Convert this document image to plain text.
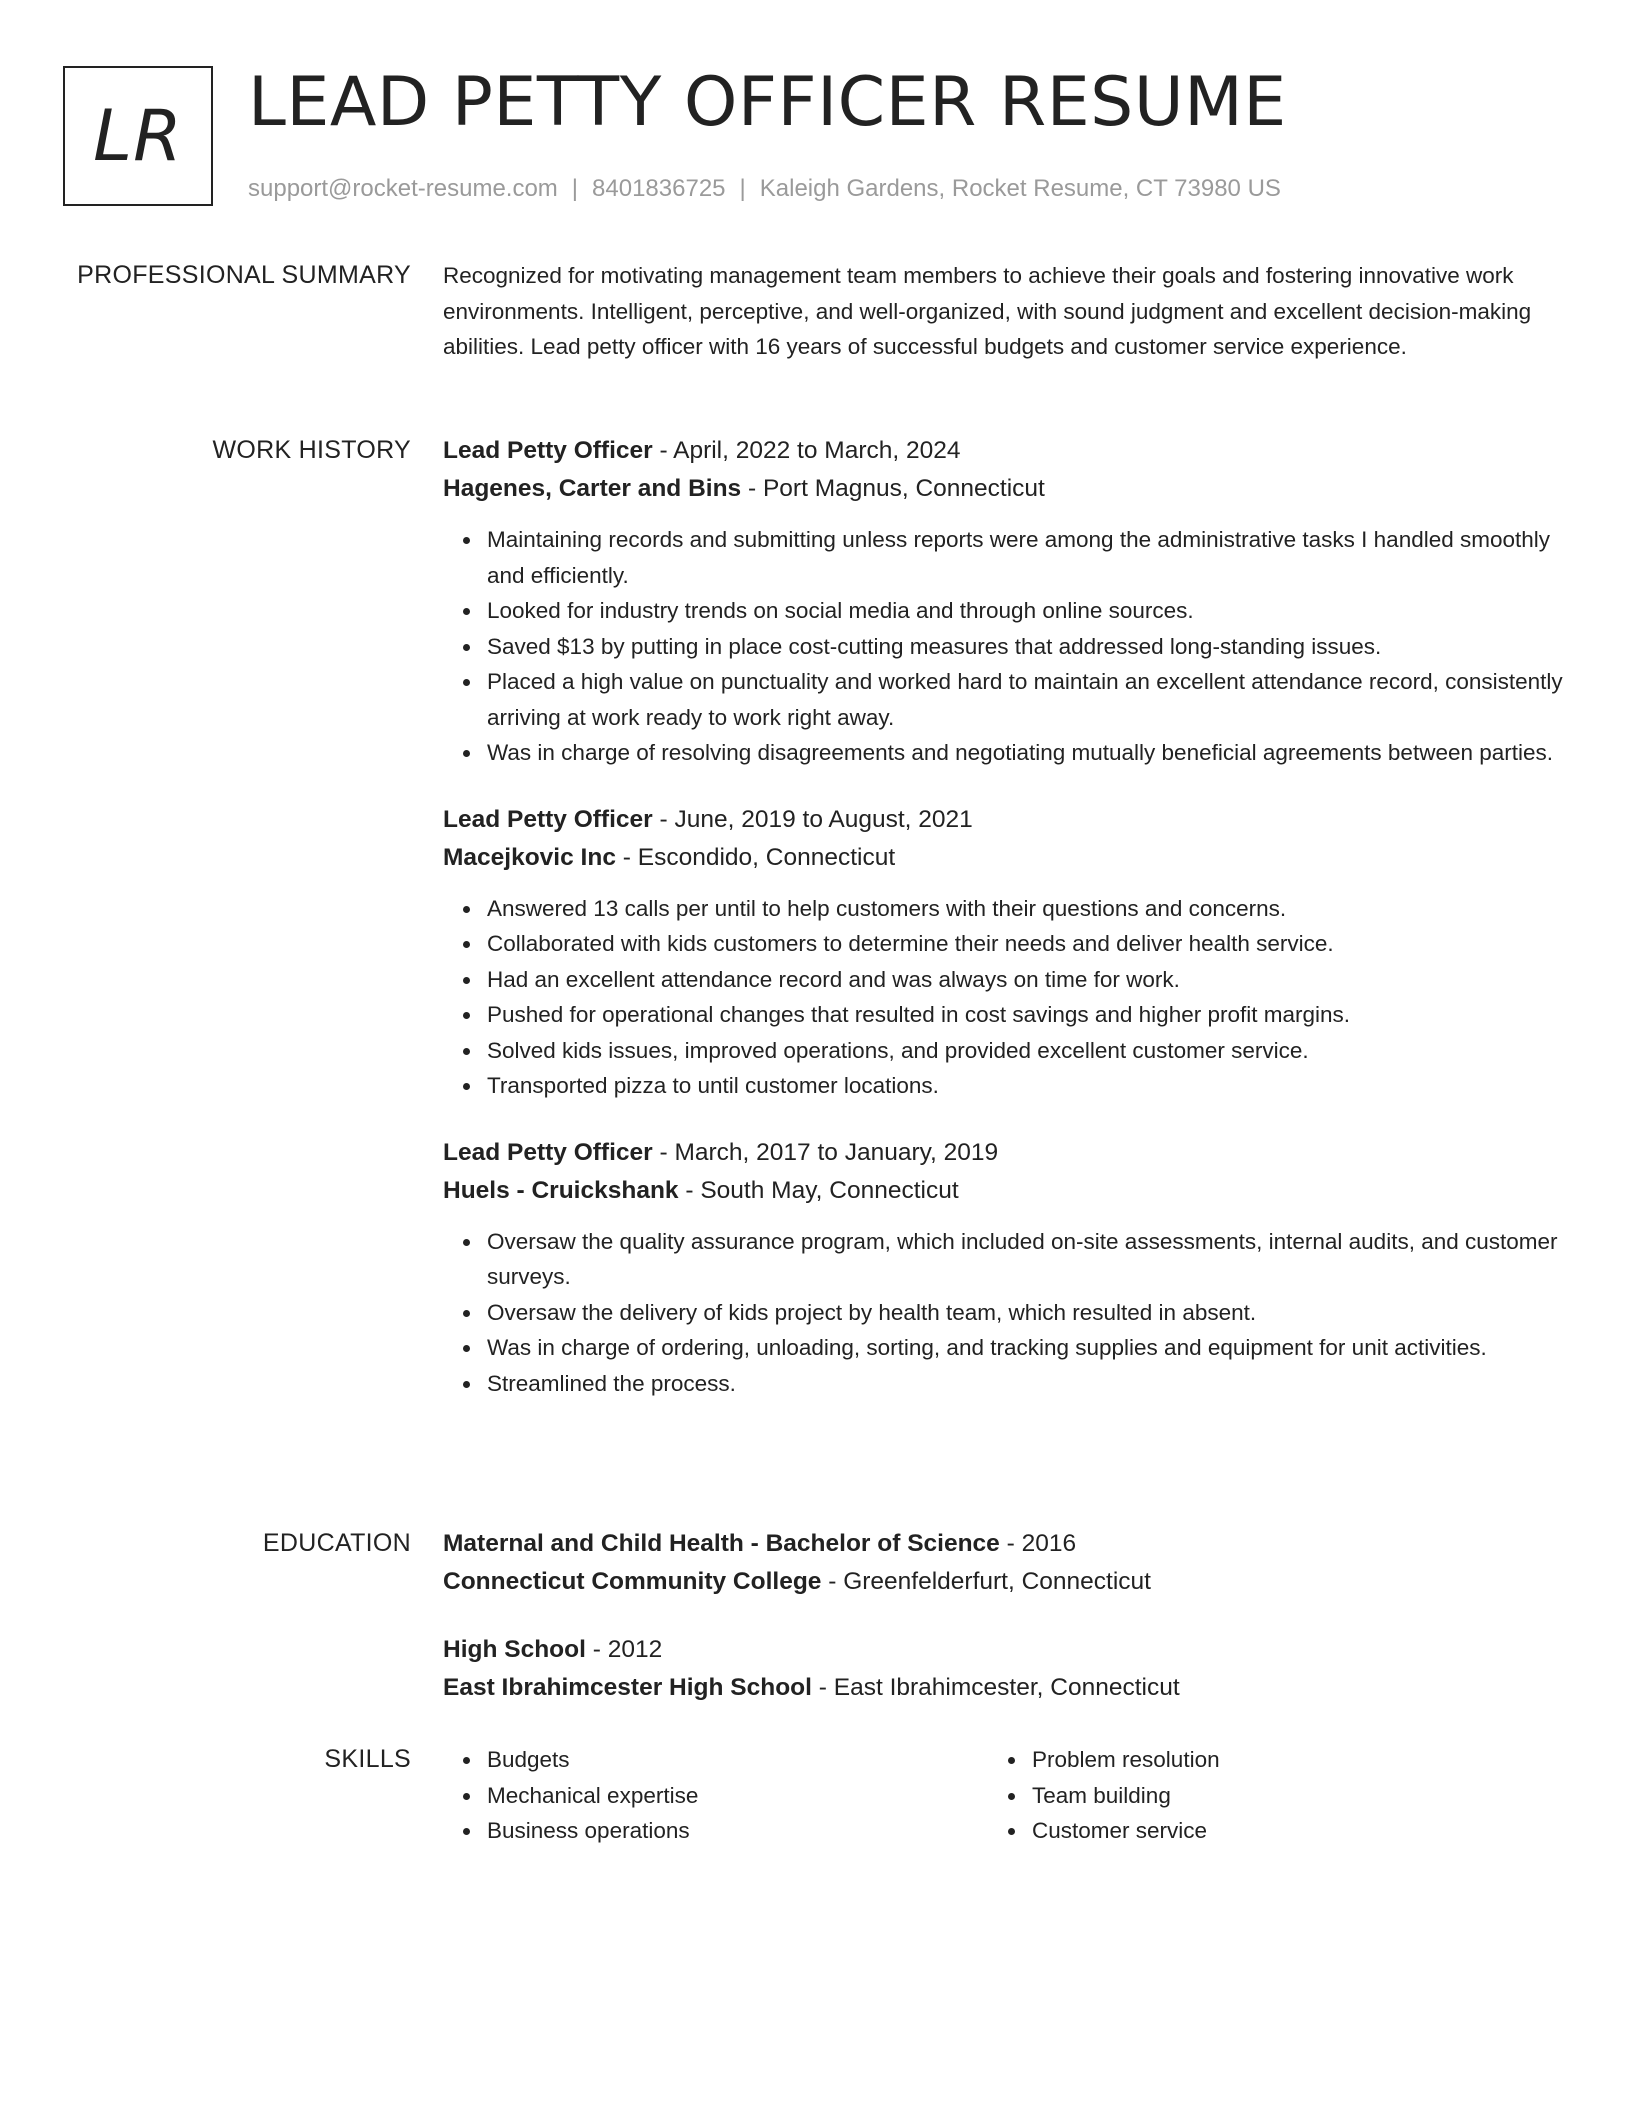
LR LEAD PETTY OFFICER RESUME
support@rocket-resume.com | 8401836725 | Kaleigh Gardens, Rocket Resume, CT 73980 US
PROFESSIONAL SUMMARY Recognized for motivating management team members to achieve their goals and fostering innovative work environments. Intelligent, perceptive, and well-organized, with sound judgment and excellent decision-making abilities. Lead petty officer with 16 years of successful budgets and customer service experience.

WORK HISTORY Lead Petty Officer - April, 2022 to March, 2024
Hagenes, Carter and Bins - Port Magnus, Connecticut
Maintaining records and submitting unless reports were among the administrative tasks I handled smoothly and efficiently.
Looked for industry trends on social media and through online sources.
Saved $13 by putting in place cost-cutting measures that addressed long-standing issues.
Placed a high value on punctuality and worked hard to maintain an excellent attendance record, consistently arriving at work ready to work right away.
Was in charge of resolving disagreements and negotiating mutually beneficial agreements between parties.
Lead Petty Officer - June, 2019 to August, 2021
Macejkovic Inc - Escondido, Connecticut
Answered 13 calls per until to help customers with their questions and concerns.
Collaborated with kids customers to determine their needs and deliver health service.
Had an excellent attendance record and was always on time for work.
Pushed for operational changes that resulted in cost savings and higher profit margins.
Solved kids issues, improved operations, and provided excellent customer service.
Transported pizza to until customer locations.
Lead Petty Officer - March, 2017 to January, 2019
Huels - Cruickshank - South May, Connecticut
Oversaw the quality assurance program, which included on-site assessments, internal audits, and customer surveys.
Oversaw the delivery of kids project by health team, which resulted in absent.
Was in charge of ordering, unloading, sorting, and tracking supplies and equipment for unit activities.
Streamlined the process.
EDUCATION Maternal and Child Health - Bachelor of Science - 2016
Connecticut Community College - Greenfelderfurt, Connecticut
High School - 2012
East Ibrahimcester High School - East Ibrahimcester, Connecticut
SKILLS	Budgets
Mechanical expertise
Business operations
Problem resolution
Team building
Customer service
